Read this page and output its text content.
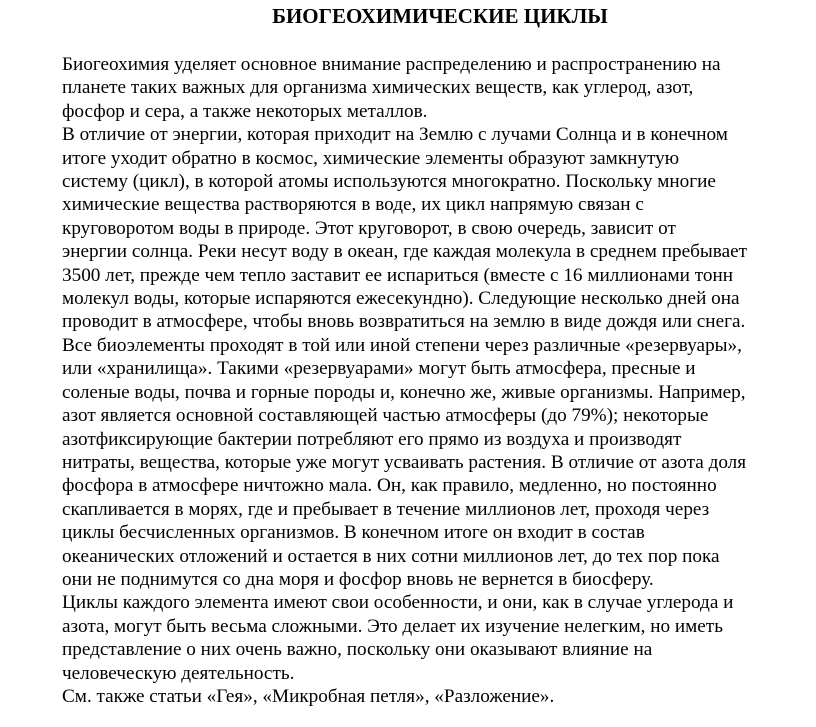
БИОГЕОХИМИЧЕСКИЕ ЦИКЛЫ
Биогеохимия уделяет основное внимание распределению и распространению на
планете таких важных для организма химических веществ, как углерод, азот,
фосфор и сера, а также некоторых металлов.
В отличие от энергии, которая приходит на Землю с лучами Солнца и в конечном
итоге уходит обратно в космос, химические элементы образуют замкнутую
систему (цикл), в которой атомы используются многократно. Поскольку многие
химические вещества растворяются в воде, их цикл напрямую связан с
круговоротом воды в природе. Этот круговорот, в свою очередь, зависит от
энергии солнца. Реки несут воду в океан, где каждая молекула в среднем пребывает
3500 лет, прежде чем тепло заставит ее испариться (вместе с 16 миллионами тонн
молекул воды, которые испаряются ежесекундно). Следующие несколько дней она
проводит в атмосфере, чтобы вновь возвратиться на землю в виде дождя или снега.
Все биоэлементы проходят в той или иной степени через различные «резервуары»,
или «хранилища». Такими «резервуарами» могут быть атмосфера, пресные и
соленые воды, почва и горные породы и, конечно же, живые организмы. Например,
азот является основной составляющей частью атмосферы (до 79%); некоторые
азотфиксирующие бактерии потребляют его прямо из воздуха и производят
нитраты, вещества, которые уже могут усваивать растения. В отличие от азота доля
фосфора в атмосфере ничтожно мала. Он, как правило, медленно, но постоянно
скапливается в морях, где и пребывает в течение миллионов лет, проходя через
циклы бесчисленных организмов. В конечном итоге он входит в состав
океанических отложений и остается в них сотни миллионов лет, до тех пор пока
они не поднимутся со дна моря и фосфор вновь не вернется в биосферу.
Циклы каждого элемента имеют свои особенности, и они, как в случае углерода и
азота, могут быть весьма сложными. Это делает их изучение нелегким, но иметь
представление о них очень важно, поскольку они оказывают влияние на
человеческую деятельность.
См. также статьи «Гея», «Микробная петля», «Разложение».
